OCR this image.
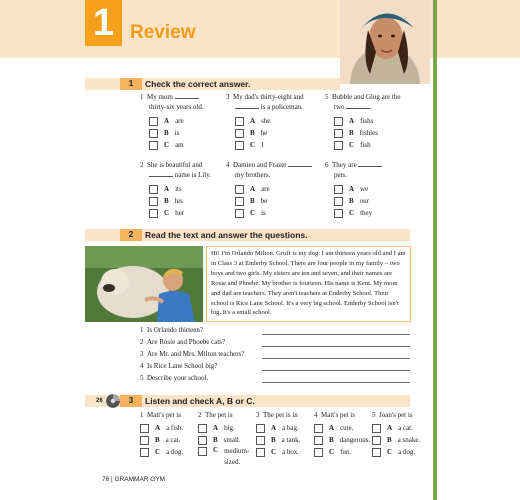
1 Review
1	Check the correct answer.
1 My mom
thirty-six years old.
A are
B is
C am
3 My dad's thirty-eight and
is a policeman.
A she
B he
C I
5 Bubble and Glug are the
two	.
A fishs
B fishies
C fish
2 She is beautiful and
name is Lily.
A its
B his
C her
4 Damien and Frazer
my brothers.
A are
B be
C is
6 They are
pets.
A we
B our
C they
2	Read the text and answer the questions.
Hi! I'm Orlando Milton. Gruff is my dog. I am thirteen years old and I am in Class 3 at Enderby School. There are four people in my family – two boys and two girls. My sisters are ten and seven, and their names are Rosie and Phoebe. My brother is fourteen. His name is Kent. My mom and dad are teachers. They aren't teachers at Enderby School. Their school is Rice Lane School. It's a very big school. Enderby School isn't big. It's a small school.
1 Is Orlando thirteen?
2 Are Rosie and Phoebe cats?
3 Are Mr. and Mrs. Milton teachers?
4 Is Rice Lane School big?
5 Describe your school.
26	3	Listen and check A, B or C.
1 Matt's pet is
A a fish.
B a cat.
C a dog.
2 The pet is
A big.
B small.
C medium-sized.
3 The pet is in
A a bag.
B a tank.
C a box.
4 Matt's pet is
A cute.
B dangerous.
C fun.
5 Joan's pet is
A a cat.
B a snake.
C a dog.
76 | GRAMMAR GYM
